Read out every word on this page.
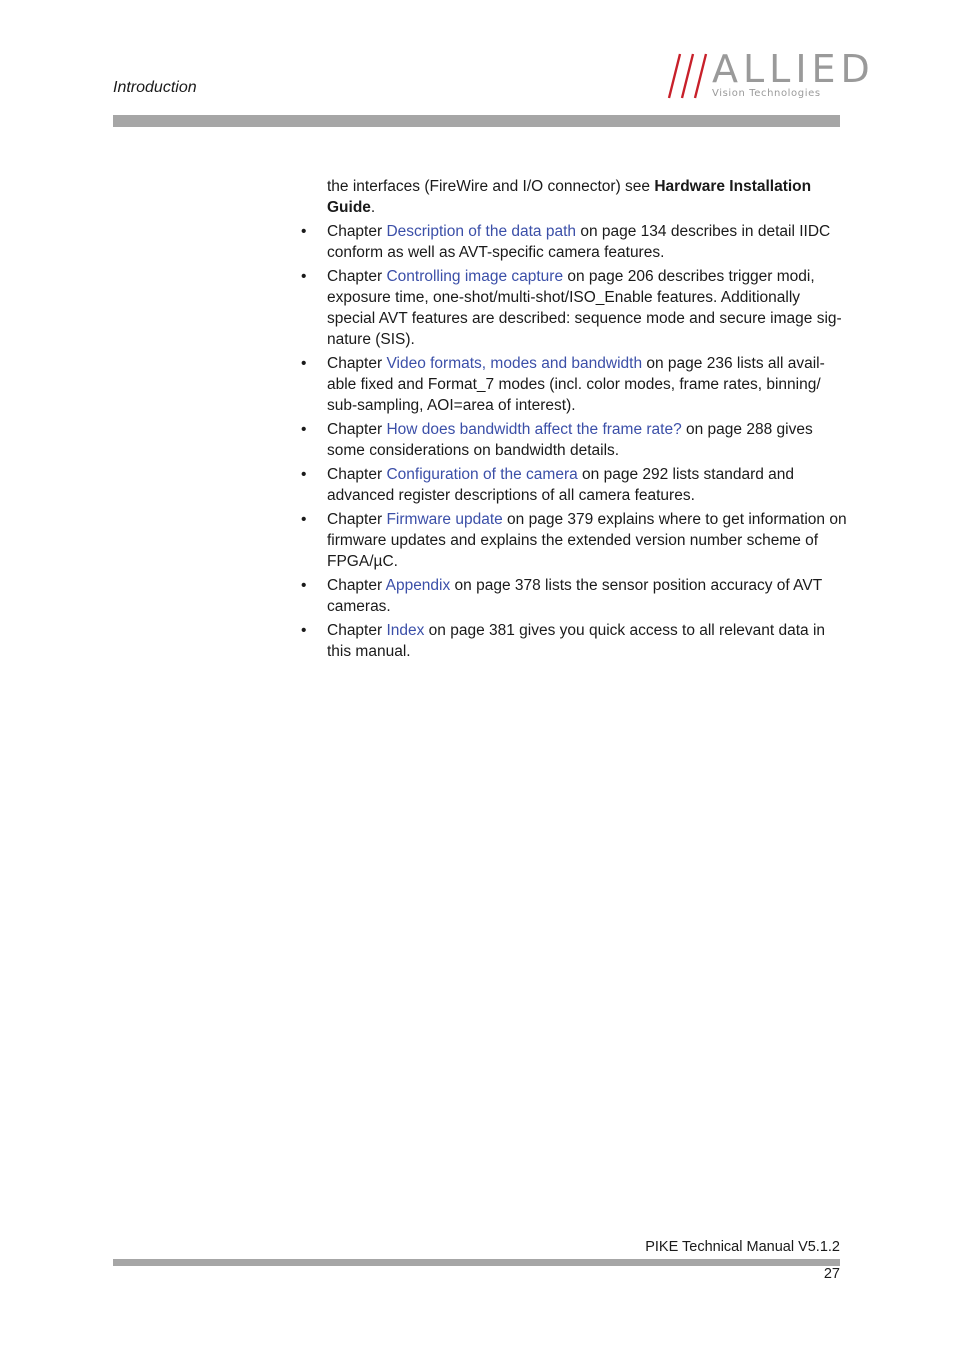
Introduction	ALLIED
Vision Technologies

the interfaces (FireWire and I/O connector) see Hardware Installation Guide.

• Chapter Description of the data path on page 134 describes in detail IIDC conform as well as AVT-specific camera features.
• Chapter Controlling image capture on page 206 describes trigger modi, exposure time, one-shot/multi-shot/ISO_Enable features. Additionally special AVT features are described: sequence mode and secure image sig-nature (SIS).
• Chapter Video formats, modes and bandwidth on page 236 lists all avail-able fixed and Format_7 modes (incl. color modes, frame rates, binning/ sub-sampling, AOI=area of interest).
• Chapter How does bandwidth affect the frame rate? on page 288 gives some considerations on bandwidth details.
• Chapter Configuration of the camera on page 292 lists standard and advanced register descriptions of all camera features.
• Chapter Firmware update on page 379 explains where to get information on firmware updates and explains the extended version number scheme of FPGA/µC.
• Chapter Appendix on page 378 lists the sensor position accuracy of AVT cameras.
• Chapter Index on page 381 gives you quick access to all relevant data in this manual.
PIKE Technical Manual V5.1.2
27
